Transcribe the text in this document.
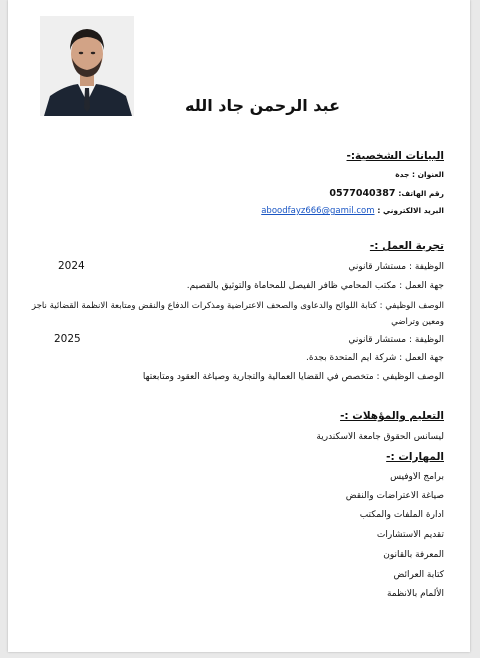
عبد الرحمن جاد الله
البيانات الشخصية:-
العنوان : جدة
رقم الهاتف: 0577040387
البريد الالكتروني : aboodfayz666@gamil.com
تجربة العمل :-
الوظيفة : مستشار قانوني
2024
جهة العمل : مكتب المحامي ظافر الفيصل للمحاماة والتوثيق بالقصيم.
الوصف الوظيفي : كتابة اللوائح والدعاوى والصحف الاعتراضية ومذكرات الدفاع والنقض ومتابعة الانظمة القضائية ناجز ومعين وتراضي
الوظيفة : مستشار قانوني
2025
جهة العمل : شركة ايم المتحدة بجدة.
الوصف الوظيفي : متخصص في القضايا العمالية والتجارية وصياغة العقود ومتابعتها
التعليم والمؤهلات :-
ليسانس الحقوق جامعة الاسكندرية
المهارات :-
برامج الاوفيس
صياغة الاعتراضات والنقض
ادارة الملفات والمكتب
تقديم الاستشارات
المعرفة بالقانون
كتابة العرائض
الألمام بالانظمة
